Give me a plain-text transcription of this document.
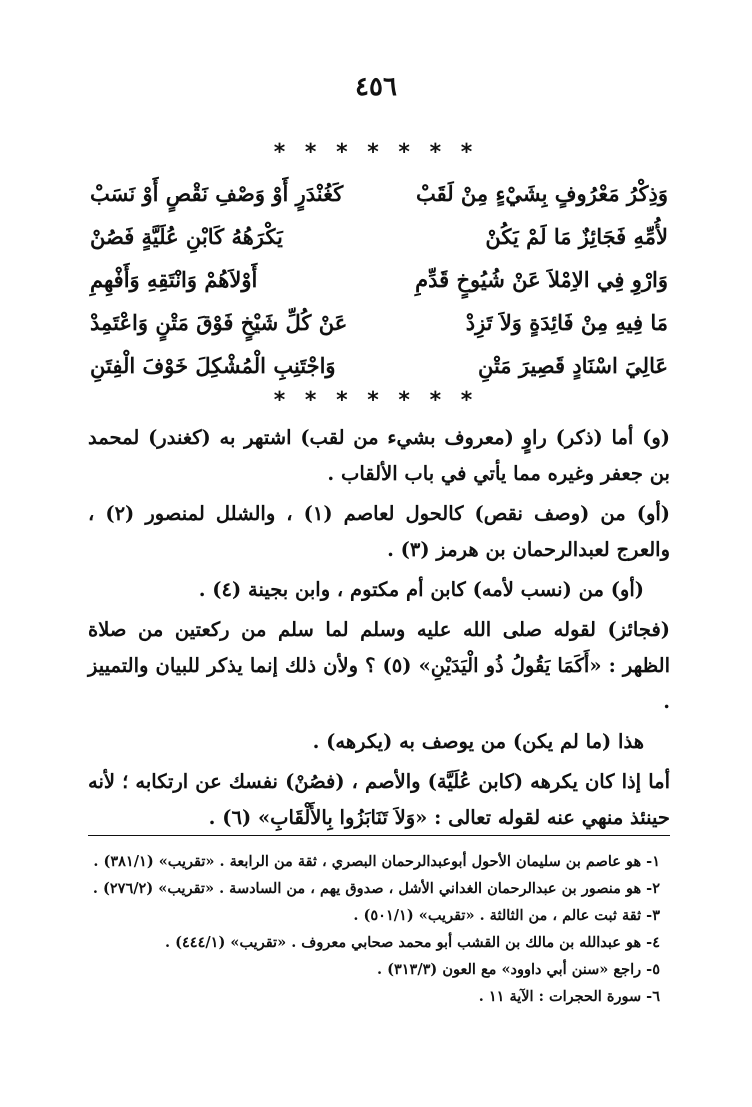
٤٥٦
* * * * * * *
وَذِكْرُ مَعْرُوفٍ بِشَيْءٍ مِنْ لَقَبْ
كَغُنْدَرٍ أَوْ وَصْفِ نَقْصٍ أَوْ نَسَبْ
لأُمِّهِ فَجَائِزٌ مَا لَمْ يَكُنْ
يَكْرَهُهُ كَابْنِ عُلَيَّةٍ فَصُنْ
وَارْوِ فِي الاِمْلاَ عَنْ شُيُوخٍ قَدِّمِ
أَوْلاَهُمْ وَانْتَقِهِ وَأَفْهِمِ
مَا فِيهِ مِنْ فَائِدَةٍ وَلاَ تَزِدْ
عَنْ كُلِّ شَيْخٍ فَوْقَ مَتْنٍ وَاعْتَمِدْ
عَالِيَ اسْنَادٍ قَصِيرَ مَتْنِ
وَاجْتَنِبِ الْمُشْكِلَ خَوْفَ الْفِتَنِ
* * * * * * *

(و) أما (ذكر) راوٍ (معروف بشيء من لقب) اشتهر به (كغندر) لمحمد بن جعفر وغيره مما يأتي في باب الألقاب .

(أو) من (وصف نقص) كالحول لعاصم (١) ، والشلل لمنصور (٢) ، والعرج لعبدالرحمان بن هرمز (٣) .

(أو) من (نسب لأمه) كابن أم مكتوم ، وابن بجينة (٤) .

(فجائز) لقوله صلى الله عليه وسلم لما سلم من ركعتين من صلاة الظهر : «أَكَمَا يَقُولُ ذُو الْيَدَيْنِ» (٥) ؟ ولأن ذلك إنما يذكر للبيان والتمييز .

هذا (ما لم يكن) من يوصف به (يكرهه) .

أما إذا كان يكرهه (كابن عُلَيَّة) والأصم ، (فصُنْ) نفسك عن ارتكابه ؛ لأنه حينئذ منهي عنه لقوله تعالى : «وَلاَ تَنَابَزُوا بِالأَلْقَابِ» (٦) .

١- هو عاصم بن سليمان الأحول أبوعبدالرحمان البصري ، ثقة من الرابعة . «تقريب» (٣٨١/١) .
٢- هو منصور بن عبدالرحمان الغداني الأشل ، صدوق يهم ، من السادسة . «تقريب» (٢٧٦/٢) .
٣- ثقة ثبت عالم ، من الثالثة . «تقريب» (٥٠١/١) .
٤- هو عبدالله بن مالك بن القشب أبو محمد صحابي معروف . «تقريب» (٤٤٤/١) .
٥- راجع «سنن أبي داوود» مع العون (٣١٣/٣) .
٦- سورة الحجرات : الآية ١١ .
